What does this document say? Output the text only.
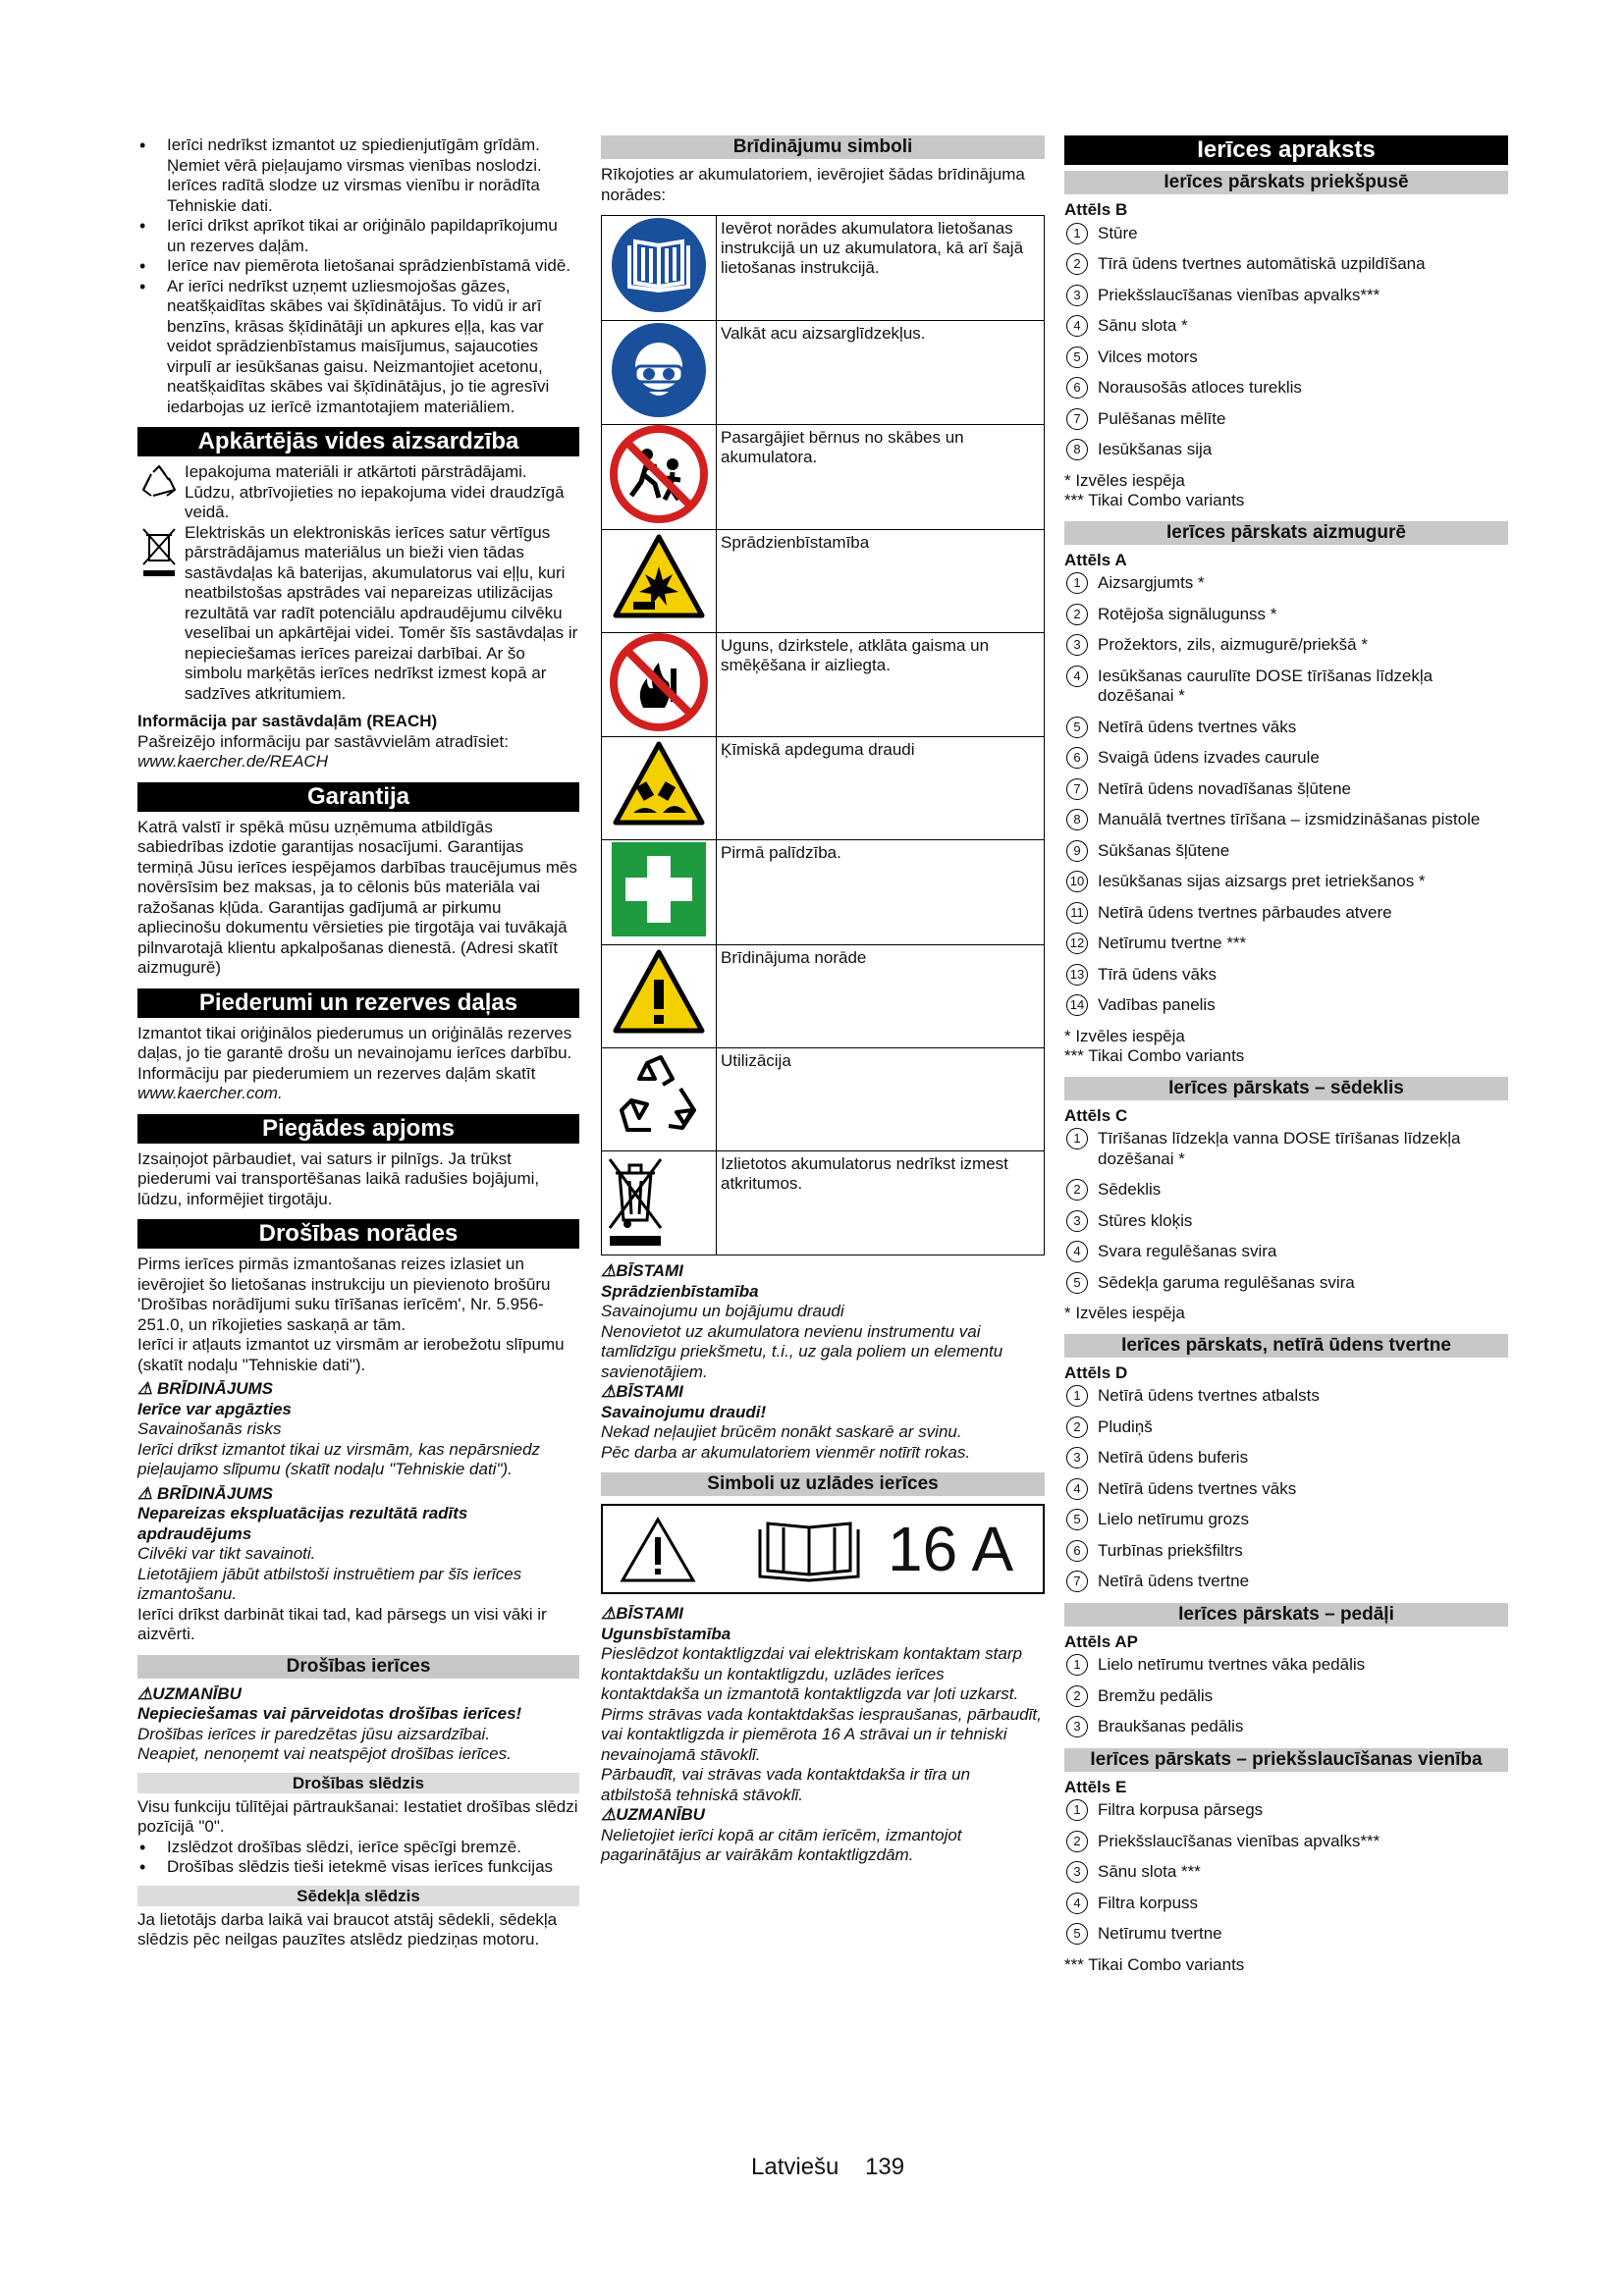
• Ierīci nedrīkst izmantot uz spiedienjutīgām grīdām. Ņemiet vērā pieļaujamo virsmas vienības noslodzi. Ierīces radītā slodze uz virsmas vienību ir norādīta Tehniskie dati.
• Ierīci drīkst aprīkot tikai ar oriģinālo papildaprīkojumu un rezerves daļām.
• Ierīce nav piemērota lietošanai sprādzienbīstamā vidē.
• Ar ierīci nedrīkst uzņemt uzliesmojošas gāzes, neatšķaidītas skābes vai šķīdinātājus. To vidū ir arī benzīns, krāsas šķīdinātāji un apkures eļļa, kas var veidot sprādzienbīstamus maisījumus, sajaucoties virpulī ar iesūkšanas gaisu. Neizmantojiet acetonu, neatšķaidītas skābes vai šķīdinātājus, jo tie agresīvi iedarbojas uz ierīcē izmantotajiem materiāliem.
Apkārtējās vides aizsardzība

Iepakojuma materiāli ir atkārtoti pārstrādājami. Lūdzu, atbrīvojieties no iepakojuma videi draudzīgā veidā.

Elektriskās un elektroniskās ierīces satur vērtīgus pārstrādājamus materiālus un bieži vien tādas sastāvdaļas kā baterijas, akumulatorus vai eļļu, kuri neatbilstošas apstrādes vai nepareizas utilizācijas rezultātā var radīt potenciālu apdraudējumu cilvēku veselībai un apkārtējai videi. Tomēr šīs sastāvdaļas ir nepieciešamas ierīces pareizai darbībai. Ar šo simbolu marķētās ierīces nedrīkst izmest kopā ar sadzīves atkritumiem.

Informācija par sastāvdaļām (REACH)

Pašreizējo informāciju par sastāvvielām atradīsiet:

www.kaercher.de/REACH

Garantija

Katrā valstī ir spēkā mūsu uzņēmuma atbildīgās sabiedrības izdotie garantijas nosacījumi. Garantijas termiņā Jūsu ierīces iespējamos darbības traucējumus mēs novērsīsim bez maksas, ja to cēlonis būs materiāla vai ražošanas kļūda. Garantijas gadījumā ar pirkumu apliecinošu dokumentu vērsieties pie tirgotāja vai tuvākajā pilnvarotajā klientu apkalpošanas dienestā. (Adresi skatīt aizmugurē)

Piederumi un rezerves daļas

Izmantot tikai oriģinālos piederumus un oriģinālās rezerves daļas, jo tie garantē drošu un nevainojamu ierīces darbību.

Informāciju par piederumiem un rezerves daļām skatīt

www.kaercher.com.

Piegādes apjoms

Izsaiņojot pārbaudiet, vai saturs ir pilnīgs. Ja trūkst piederumi vai transportēšanas laikā radušies bojājumi, lūdzu, informējiet tirgotāju.

Drošības norādes

Pirms ierīces pirmās izmantošanas reizes izlasiet un ievērojiet šo lietošanas instrukciju un pievienoto brošūru 'Drošības norādījumi suku tīrīšanas ierīcēm', Nr. 5.956-251.0, un rīkojieties saskaņā ar tām.

Ierīci ir atļauts izmantot uz virsmām ar ierobežotu slīpumu (skatīt nodaļu "Tehniskie dati").

⚠ BRĪDINĀJUMS

Ierīce var apgāzties

Savainošanās risks

Ierīci drīkst izmantot tikai uz virsmām, kas nepārsniedz pieļaujamo slīpumu (skatīt nodaļu "Tehniskie dati").

⚠ BRĪDINĀJUMS

Nepareizas ekspluatācijas rezultātā radīts apdraudējums

Cilvēki var tikt savainoti.

Lietotājiem jābūt atbilstoši instruētiem par šīs ierīces izmantošanu.

Ierīci drīkst darbināt tikai tad, kad pārsegs un visi vāki ir aizvērti.

Drošības ierīces

⚠UZMANĪBU

Nepieciešamas vai pārveidotas drošības ierīces!

Drošības ierīces ir paredzētas jūsu aizsardzībai.

Neapiet, nenoņemt vai neatspējot drošības ierīces.

Drošības slēdzis

Visu funkciju tūlītējai pārtraukšanai: Iestatiet drošības slēdzi pozīcijā "0".

• Izslēdzot drošības slēdzi, ierīce spēcīgi bremzē.
• Drošības slēdzis tieši ietekmē visas ierīces funkcijas
Sēdekļa slēdzis

Ja lietotājs darba laikā vai braucot atstāj sēdekli, sēdekļa slēdzis pēc neilgas pauzītes atslēdz piedziņas motoru.

Brīdinājumu simboli

Rīkojoties ar akumulatoriem, ievērojiet šādas brīdinājuma norādes:

	Ievērot norādes akumulatora lietošanas instrukcijā un uz akumulatora, kā arī šajā lietošanas instrukcijā.
	Valkāt acu aizsarglīdzekļus.
	Pasargājiet bērnus no skābes un akumulatora.
	Sprādzienbīstamība
	Uguns, dzirkstele, atklāta gaisma un smēķēšana ir aizliegta.
	Ķīmiskā apdeguma draudi
	Pirmā palīdzība.
	Brīdinājuma norāde
	Utilizācija
	Izlietotos akumulatorus nedrīkst izmest atkritumos.

⚠BĪSTAMI

Sprādzienbīstamība

Savainojumu un bojājumu draudi

Nenovietot uz akumulatora nevienu instrumentu vai tamlīdzīgu priekšmetu, t.i., uz gala poliem un elementu savienotājiem.

⚠BĪSTAMI

Savainojumu draudi!

Nekad neļaujiet brūcēm nonākt saskarē ar svinu.

Pēc darba ar akumulatoriem vienmēr notīrīt rokas.

Simboli uz uzlādes ierīces
16 A

⚠BĪSTAMI

Ugunsbīstamība

Pieslēdzot kontaktligzdai vai elektriskam kontaktam starp kontaktdakšu un kontaktligzdu, uzlādes ierīces kontaktdakša un izmantotā kontaktligzda var ļoti uzkarst.

Pirms strāvas vada kontaktdakšas iespraušanas, pārbaudīt, vai kontaktligzda ir piemērota 16 A strāvai un ir tehniski nevainojamā stāvoklī.

Pārbaudīt, vai strāvas vada kontaktdakša ir tīra un atbilstošā tehniskā stāvoklī.

⚠UZMANĪBU

Nelietojiet ierīci kopā ar citām ierīcēm, izmantojot pagarinātājus ar vairākām kontaktligzdām.

Ierīces apraksts
Ierīces pārskats priekšpusē

Attēls B

1	Stūre
2	Tīrā ūdens tvertnes automātiskā uzpildīšana
3	Priekšslaucīšanas vienības apvalks***
4	Sānu slota *
5	Vilces motors
6	Norausošās atloces tureklis
7	Pulēšanas mēlīte
8	Iesūkšanas sija

* Izvēles iespēja

*** Tikai Combo variants

Ierīces pārskats aizmugurē

Attēls A

1	Aizsargjumts *
2	Rotējoša signālugunss *
3	Prožektors, zils, aizmugurē/priekšā *
4	Iesūkšanas caurulīte DOSE tīrīšanas līdzekļa dozēšanai *
5	Netīrā ūdens tvertnes vāks
6	Svaigā ūdens izvades caurule
7	Netīrā ūdens novadīšanas šļūtene
8	Manuālā tvertnes tīrīšana – izsmidzināšanas pistole
9	Sūkšanas šļūtene
10 Iesūkšanas sijas aizsargs pret ietriekšanos *
11 Netīrā ūdens tvertnes pārbaudes atvere
12 Netīrumu tvertne ***
13 Tīrā ūdens vāks
14 Vadības panelis

* Izvēles iespēja

*** Tikai Combo variants

Ierīces pārskats – sēdeklis

Attēls C

1	Tīrīšanas līdzekļa vanna DOSE tīrīšanas līdzekļa dozēšanai *
2	Sēdeklis
3	Stūres kloķis
4	Svara regulēšanas svira
5	Sēdekļa garuma regulēšanas svira

* Izvēles iespēja

Ierīces pārskats, netīrā ūdens tvertne

Attēls D

1	Netīrā ūdens tvertnes atbalsts
2	Pludiņš
3	Netīrā ūdens buferis
4	Netīrā ūdens tvertnes vāks
5	Lielo netīrumu grozs
6	Turbīnas priekšfiltrs
7	Netīrā ūdens tvertne
Ierīces pārskats – pedāļi

Attēls AP

1	Lielo netīrumu tvertnes vāka pedālis
2	Bremžu pedālis
3	Braukšanas pedālis
Ierīces pārskats – priekšslaucīšanas vienība

Attēls E

1	Filtra korpusa pārsegs
2	Priekšslaucīšanas vienības apvalks***
3	Sānu slota ***
4	Filtra korpuss
5	Netīrumu tvertne

*** Tikai Combo variants

Latviešu 139
